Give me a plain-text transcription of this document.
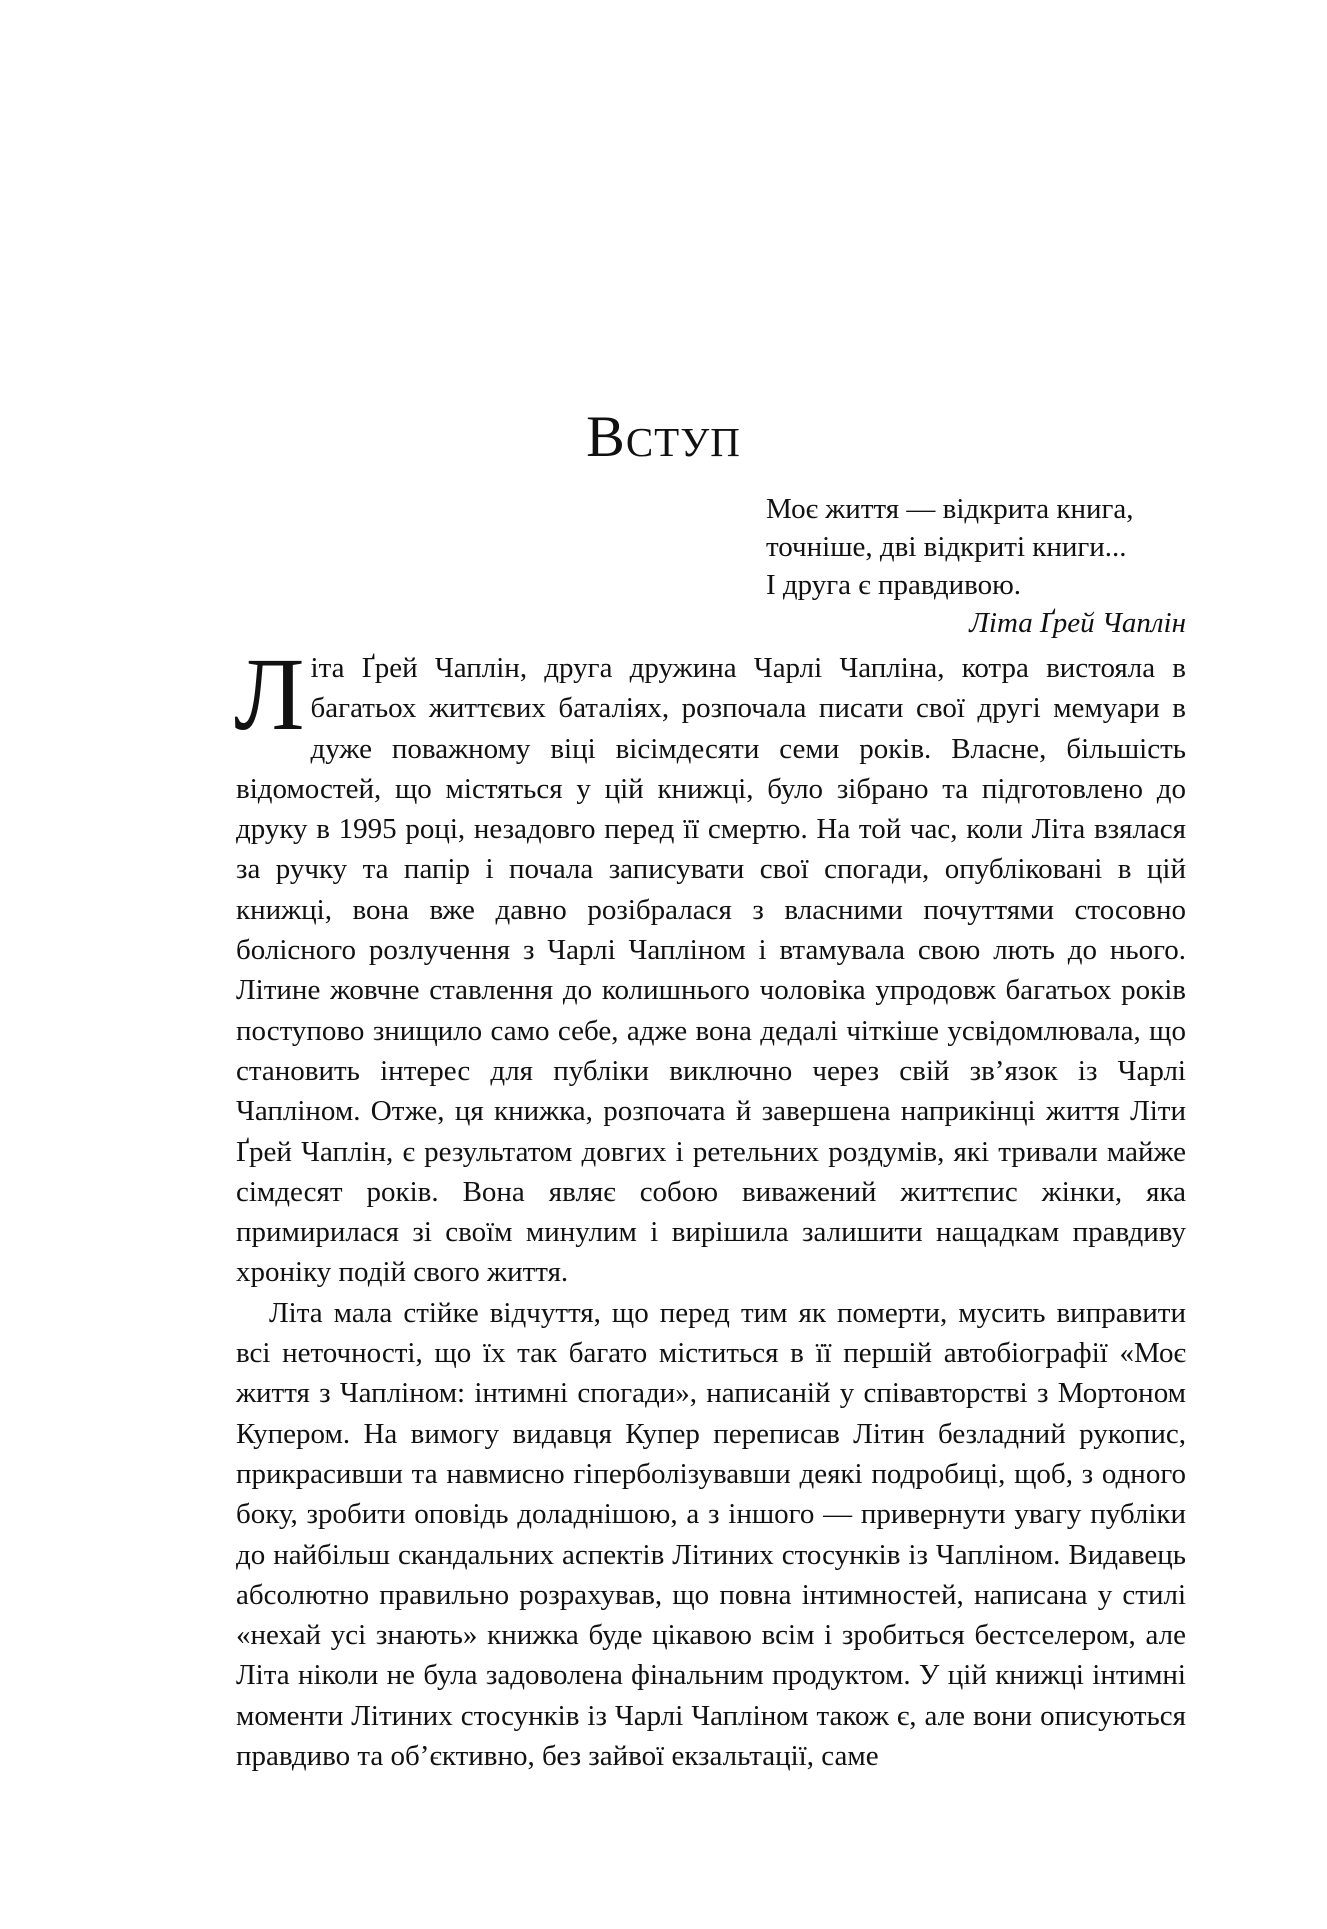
Вступ
Моє життя — відкрита книга,
точніше, дві відкриті книги...
І друга є правдивою.
Літа Ґрей Чаплін

Літа Ґрей Чаплін, друга дружина Чарлі Чапліна, котра вистояла в багатьох життєвих баталіях, розпочала писати свої другі мемуари в дуже поважному віці вісімдесяти семи років. Власне, більшість відомостей, що містяться у цій книжці, було зібрано та підготовлено до друку в 1995 році, незадовго перед її смертю. На той час, коли Літа взялася за ручку та папір і почала записувати свої спогади, опубліковані в цій книжці, вона вже давно розібралася з власними почуттями стосовно болісного розлучення з Чарлі Чапліном і втамувала свою лють до нього. Літине жовчне ставлення до колишнього чоловіка упродовж багатьох років поступово знищило само себе, адже вона дедалі чіткіше усвідомлювала, що становить інтерес для публіки виключно через свій зв’язок із Чарлі Чапліном. Отже, ця книжка, розпочата й завершена наприкінці життя Літи Ґрей Чаплін, є результатом довгих і ретельних роздумів, які тривали майже сімдесят років. Вона являє собою виважений життєпис жінки, яка примирилася зі своїм минулим і вирішила залишити нащадкам правдиву хроніку подій свого життя.

Літа мала стійке відчуття, що перед тим як померти, мусить виправити всі неточності, що їх так багато міститься в її першій автобіографії «Моє життя з Чапліном: інтимні спогади», написаній у співавторстві з Мортоном Купером. На вимогу видавця Купер переписав Літин безладний рукопис, прикрасивши та навмисно гіперболізувавши деякі подробиці, щоб, з одного боку, зробити оповідь доладнішою, а з іншого — привернути увагу публіки до найбільш скандальних аспектів Літиних стосунків із Чапліном. Видавець абсолютно правильно розрахував, що повна інтимностей, написана у стилі «нехай усі знають» книжка буде цікавою всім і зробиться бестселером, але Літа ніколи не була задоволена фінальним продуктом. У цій книжці інтимні моменти Літиних стосунків із Чарлі Чапліном також є, але вони описуються правдиво та об’єктивно, без зайвої екзальтації, саме
